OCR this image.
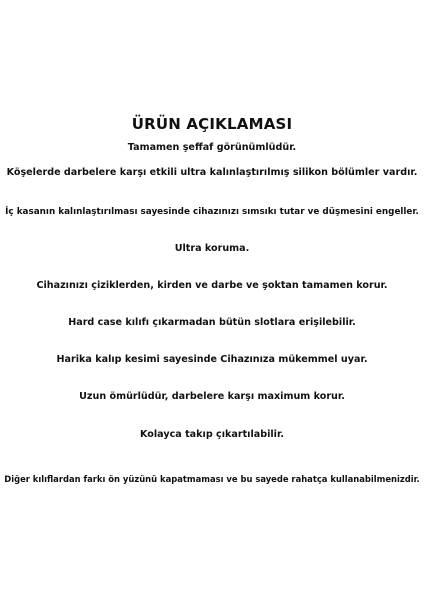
ÜRÜN AÇIKLAMASI

Tamamen şeffaf görünümlüdür.

Köşelerde darbelere karşı etkili ultra kalınlaştırılmış silikon bölümler vardır.

İç kasanın kalınlaştırılması sayesinde cihazınızı sımsıkı tutar ve düşmesini engeller.

Ultra koruma.

Cihazınızı çiziklerden, kirden ve darbe ve şoktan tamamen korur.

Hard case kılıfı çıkarmadan bütün slotlara erişilebilir.

Harika kalıp kesimi sayesinde Cihazınıza mükemmel uyar.

Uzun ömürlüdür, darbelere karşı maximum korur.

Kolayca takıp çıkartılabilir.

Diğer kılıflardan farkı ön yüzünü kapatmaması ve bu sayede rahatça kullanabilmenizdir.
